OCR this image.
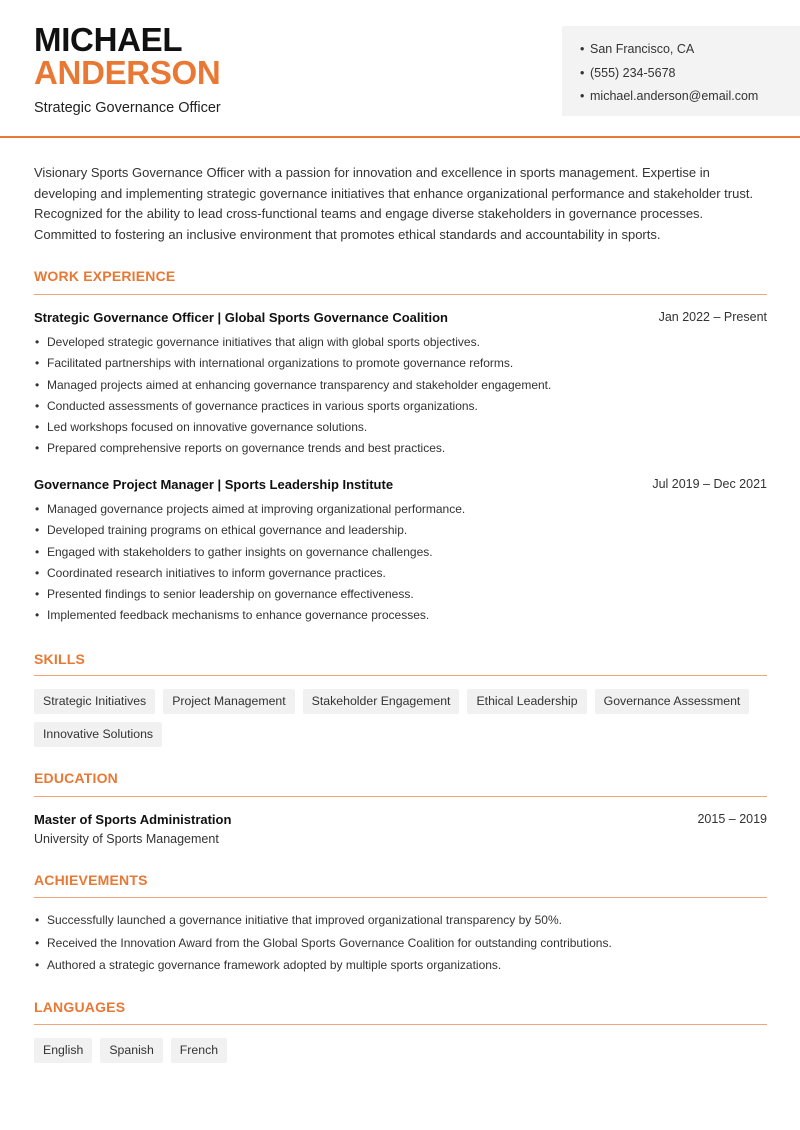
MICHAEL
ANDERSON
Strategic Governance Officer
• San Francisco, CA
• (555) 234-5678
• michael.anderson@email.com

Visionary Sports Governance Officer with a passion for innovation and excellence in sports management. Expertise in developing and implementing strategic governance initiatives that enhance organizational performance and stakeholder trust. Recognized for the ability to lead cross-functional teams and engage diverse stakeholders in governance processes. Committed to fostering an inclusive environment that promotes ethical standards and accountability in sports.

WORK EXPERIENCE
Strategic Governance Officer | Global Sports Governance Coalition	Jan 2022 – Present
• Developed strategic governance initiatives that align with global sports objectives.
• Facilitated partnerships with international organizations to promote governance reforms.
• Managed projects aimed at enhancing governance transparency and stakeholder engagement.
• Conducted assessments of governance practices in various sports organizations.
• Led workshops focused on innovative governance solutions.
• Prepared comprehensive reports on governance trends and best practices.
Governance Project Manager | Sports Leadership Institute	Jul 2019 – Dec 2021
• Managed governance projects aimed at improving organizational performance.
• Developed training programs on ethical governance and leadership.
• Engaged with stakeholders to gather insights on governance challenges.
• Coordinated research initiatives to inform governance practices.
• Presented findings to senior leadership on governance effectiveness.
• Implemented feedback mechanisms to enhance governance processes.
SKILLS
Strategic Initiatives	Project Management	Stakeholder Engagement	Ethical Leadership	Governance Assessment
Innovative Solutions
EDUCATION
Master of Sports Administration	2015 – 2019
University of Sports Management
ACHIEVEMENTS
• Successfully launched a governance initiative that improved organizational transparency by 50%.
• Received the Innovation Award from the Global Sports Governance Coalition for outstanding contributions.
• Authored a strategic governance framework adopted by multiple sports organizations.
LANGUAGES
English	Spanish	French
